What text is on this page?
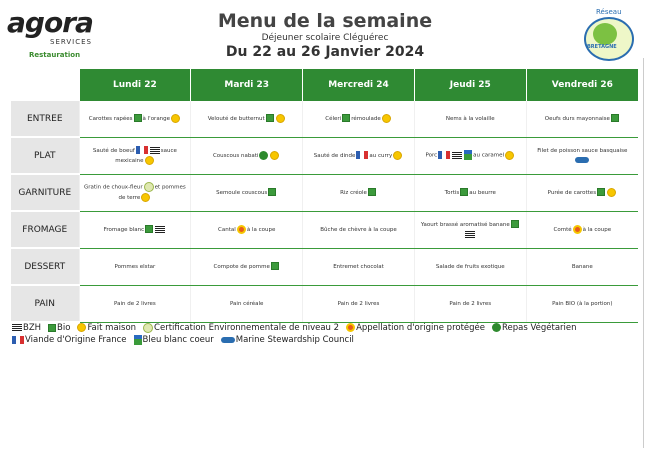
agora
SERVICES
Restauration
Menu de la semaine
Déjeuner scolaire Cléguérec
Du 22 au 26 Janvier 2024
Réseau
BRETAGNE
	Lundi 22	Mardi 23	Mercredi 24	Jeudi 25	Vendredi 26
ENTREE	Carottes rapées à l'orange	Velouté de butternut	Céleri rémoulade	Nems à la volaille	Oeufs durs mayonnaise
PLAT	Sauté de boeuf sauce mexicaine	Couscous nabati	Sauté de dinde au curry	Porc au caramel	Filet de poisson sauce basquaise
GARNITURE	Gratin de choux-fleur et pommes de terre	Semoule couscous	Riz créole	Tortis au beurre	Purée de carottes
FROMAGE	Fromage blanc	Cantal à la coupe	Bûche de chèvre à la coupe	Yaourt brassé aromatisé banane	Comté à la coupe
DESSERT	Pommes elstar	Compote de pomme	Entremet chocolat	Salade de fruits exotique	Banane
PAIN	Pain de 2 livres	Pain céréale	Pain de 2 livres	Pain de 2 livres	Pain BIO (à la portion)
BZH Bio Fait maison Certification Environnementale de niveau 2 Appellation d'origine protégée Repas Végétarien
Viande d'Origine France Bleu blanc coeur	Marine Stewardship Council
